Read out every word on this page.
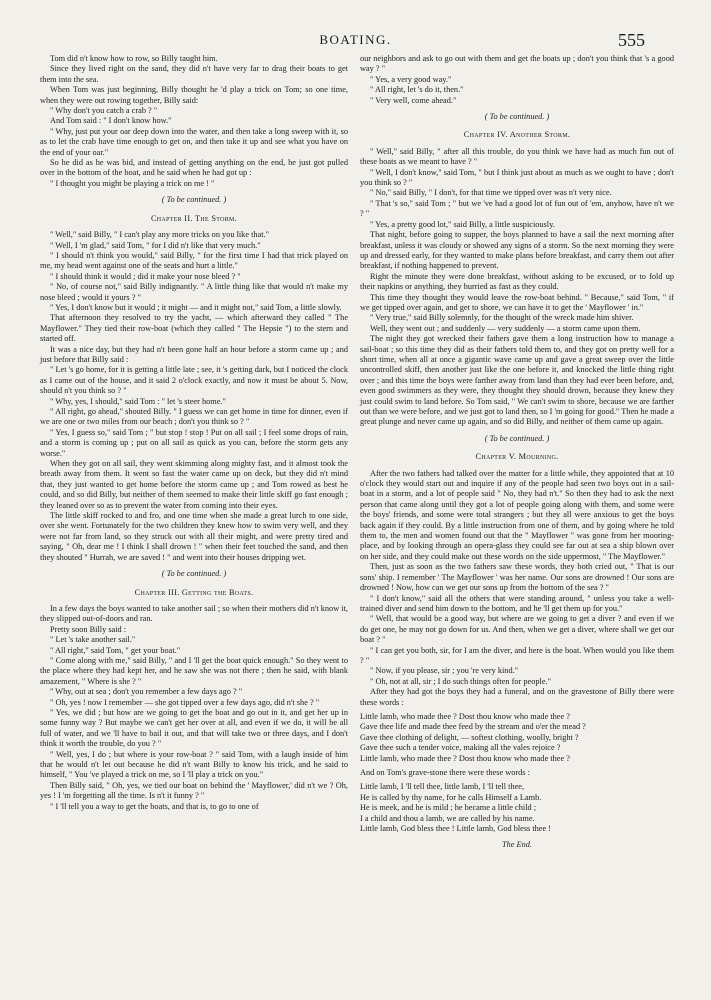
BOATING.	555

Tom did n't know how to row, so Billy taught him.

Since they lived right on the sand, they did n't have very far to drag their boats to get them into the sea.

When Tom was just beginning, Billy thought he 'd play a trick on Tom; so one time, when they were out rowing together, Billy said:

" Why don't you catch a crab ? "

And Tom said : " I don't know how."

" Why, just put your oar deep down into the water, and then take a long sweep with it, so as to let the crab have time enough to get on, and then take it up and see what you have on the end of your oar."

So he did as he was bid, and instead of getting anything on the end, he just got pulled over in the bottom of the boat, and he said when he had got up :

" I thought you might be playing a trick on me ! "

( To be continued. )
Chapter II. The Storm.

" Well," said Billy, " I can't play any more tricks on you like that."

" Well, I 'm glad," said Tom, " for I did n't like that very much."

" I should n't think you would," said Billy, " for the first time I had that trick played on me, my head went against one of the seats and hurt a little."

" I should think it would ; did it make your nose bleed ? "

" No, of course not," said Billy indignantly. " A little thing like that would n't make my nose bleed ; would it yours ? "

" Yes, I don't know but it would ; it might — and it might not," said Tom, a little slowly.

That afternoon they resolved to try the yacht, — which afterward they called " The Mayflower." They tied their row-boat (which they called " The Hepsie ") to the stern and started off.

It was a nice day, but they had n't been gone half an hour before a storm came up ; and just before that Billy said :

" Let 's go home, for it is getting a little late ; see, it 's getting dark, but I noticed the clock as I came out of the house, and it said 2 o'clock exactly, and now it must be about 5. Now, should n't you think so ? "

" Why, yes, I should," said Tom : " let 's steer home."

" All right, go ahead," shouted Billy. " I guess we can get home in time for dinner, even if we are one or two miles from our beach ; don't you think so ? "

" Yes, I guess so," said Tom ; " but stop ! stop ! Put on all sail ; I feel some drops of rain, and a storm is coming up ; put on all sail as quick as you can, before the storm gets any worse."

When they got on all sail, they went skimming along mighty fast, and it almost took the breath away from them. It went so fast the water came up on deck, but they did n't mind that, they just wanted to get home before the storm came up ; and Tom rowed as best he could, and so did Billy, but neither of them seemed to make their little skiff go fast enough ; they leaned over so as to prevent the water from coming into their eyes.

The little skiff rocked to and fro, and one time when she made a great lurch to one side, over she went. Fortunately for the two children they knew how to swim very well, and they were not far from land, so they struck out with all their might, and were pretty tired and saying, " Oh, dear me ! I think I shall drown ! " when their feet touched the sand, and then they shouted " Hurrah, we are saved ! " and went into their houses dripping wet.

( To be continued. )
Chapter III. Getting the Boats.

In a few days the boys wanted to take another sail ; so when their mothers did n't know it, they slipped out-of-doors and ran.

Pretty soon Billy said :

" Let 's take another sail."

" All right," said Tom, " get your boat."

" Come along with me," said Billy, " and I 'll get the boat quick enough." So they went to the place where they had kept her, and he saw she was not there ; then he said, with blank amazement, " Where is she ? "

" Why, out at sea ; don't you remember a few days ago ? "

" Oh, yes ! now I remember — she got tipped over a few days ago, did n't she ? "

" Yes, we did ; but how are we going to get the boat and go out in it, and get her up in some funny way ? But maybe we can't get her over at all, and even if we do, it will be all full of water, and we 'll have to bail it out, and that will take two or three days, and I don't think it worth the trouble, do you ? "

" Well, yes, I do ; but where is your row-boat ? " said Tom, with a laugh inside of him that he would n't let out because he did n't want Billy to know his trick, and he said to himself, " You 've played a trick on me, so I 'll play a trick on you."

Then Billy said, " Oh, yes, we tied our boat on behind the ' Mayflower,' did n't we ? Oh, yes ! I 'm forgetting all the time. Is n't it funny ? "

" I 'll tell you a way to get the boats, and that is, to go to one of

our neighbors and ask to go out with them and get the boats up ; don't you think that 's a good way ? "

" Yes, a very good way."

" All right, let 's do it, then."

" Very well, come ahead."

( To be continued. )
Chapter IV. Another Storm.

" Well," said Billy, " after all this trouble, do you think we have had as much fun out of these boats as we meant to have ? "

" Well, I don't know," said Tom, " but I think just about as much as we ought to have ; don't you think so ? "

" No," said Billy, " I don't, for that time we tipped over was n't very nice.

" That 's so," said Tom ; " but we 've had a good lot of fun out of 'em, anyhow, have n't we ? "

" Yes, a pretty good lot," said Billy, a little suspiciously.

That night, before going to supper, the boys planned to have a sail the next morning after breakfast, unless it was cloudy or showed any signs of a storm. So the next morning they were up and dressed early, for they wanted to make plans before breakfast, and carry them out after breakfast, if nothing happened to prevent.

Right the minute they were done breakfast, without asking to be excused, or to fold up their napkins or anything, they hurried as fast as they could.

This time they thought they would leave the row-boat behind. " Because," said Tom, " if we get tipped over again, and get to shore, we can have it to get the ' Mayflower ' in."

" Very true," said Billy solemnly, for the thought of the wreck made him shiver.

Well, they went out ; and suddenly — very suddenly — a storm came upon them.

The night they got wrecked their fathers gave them a long instruction how to manage a sail-boat ; so this time they did as their fathers told them to, and they got on pretty well for a short time, when all at once a gigantic wave came up and gave a great sweep over the little uncontrolled skiff, then another just like the one before it, and knocked the little thing right over ; and this time the boys were farther away from land than they had ever been before, and, even good swimmers as they were, they thought they should drown, because they knew they just could swim to land before. So Tom said, " We can't swim to shore, because we are farther out than we were before, and we just got to land then, so I 'm going for good." Then he made a great plunge and never came up again, and so did Billy, and neither of them came up again.

( To be continued. )
Chapter V. Mourning.

After the two fathers had talked over the matter for a little while, they appointed that at 10 o'clock they would start out and inquire if any of the people had seen two boys out in a sail-boat in a storm, and a lot of people said " No, they had n't." So then they had to ask the next person that came along until they got a lot of people going along with them, and some were the boys' friends, and some were total strangers ; but they all were anxious to get the boys back again if they could. By a little instruction from one of them, and by going where he told them to, the men and women found out that the " Mayflower " was gone from her mooring-place, and by looking through an opera-glass they could see far out at sea a ship blown over on her side, and they could make out these words on the side uppermost, " The Mayflower."

Then, just as soon as the two fathers saw these words, they both cried out, " That is our sons' ship. I remember ' The Mayflower ' was her name. Our sons are drowned ! Our sons are drowned ! Now, how can we get our sons up from the bottom of the sea ? "

" I don't know," said all the others that were standing around, " unless you take a well-trained diver and send him down to the bottom, and he 'll get them up for you."

" Well, that would be a good way, but where are we going to get a diver ? and even if we do get one, he may not go down for us. And then, when we get a diver, where shall we get our boat ? "

" I can get you both, sir, for I am the diver, and here is the boat. When would you like them ? "

" Now, if you please, sir ; you 're very kind."

" Oh, not at all, sir ; I do such things often for people."

After they had got the boys they had a funeral, and on the gravestone of Billy there were these words :

Little lamb, who made thee ? Dost thou know who made thee ?

Gave thee life and made thee feed by the stream and o'er the mead ?

Gave thee clothing of delight, — softest clothing, woolly, bright ?

Gave thee such a tender voice, making all the vales rejoice ?

Little lamb, who made thee ? Dost thou know who made thee ?

And on Tom's grave-stone there were these words :

Little lamb, I 'll tell thee, little lamb, I 'll tell thee,

He is called by thy name, for he calls Himself a Lamb.

He is meek, and he is mild ; he became a little child ;

I a child and thou a lamb, we are called by his name.

Little lamb, God bless thee ! Little lamb, God bless thee !

The End.
